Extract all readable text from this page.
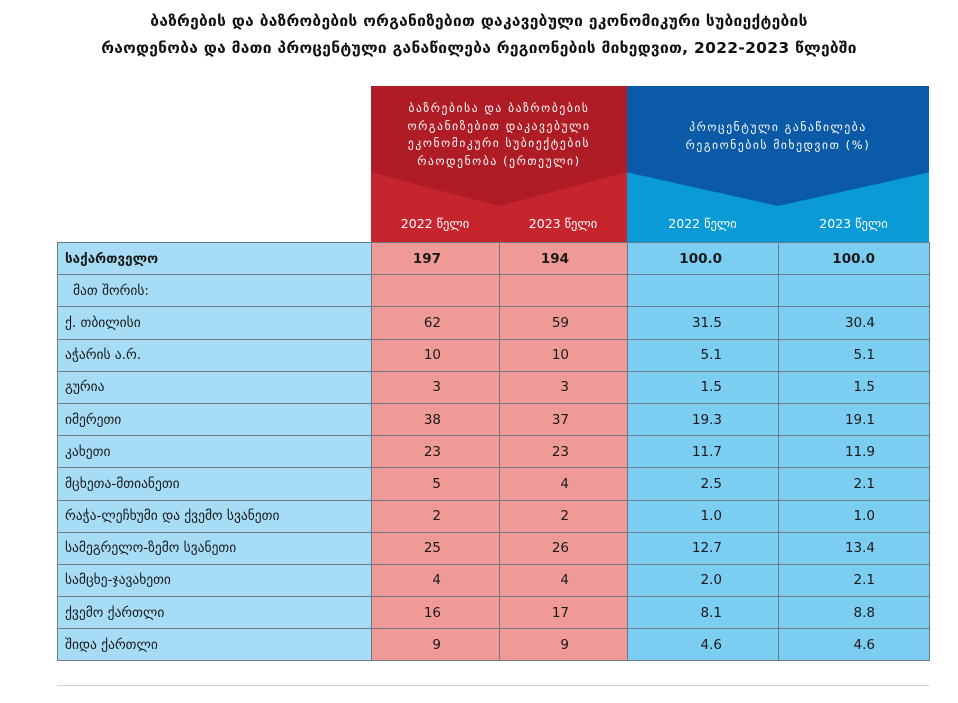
ბაზრების და ბაზრობების ორგანიზებით დაკავებული ეკონომიკური სუბიექტების
რაოდენობა და მათი პროცენტული განაწილება რეგიონების მიხედვით, 2022-2023 წლებში
ბაზრებისა და ბაზრობების
ორგანიზებით დაკავებული
ეკონომიკური სუბიექტების
რაოდენობა (ერთეული)
2022 წელი	2023 წელი
პროცენტული განაწილება
რეგიონების მიხედვით (%)
2022 წელი	2023 წელი
საქართველო	197	194	100.0	100.0
მათ შორის:				
ქ. თბილისი	62	59	31.5	30.4
აჭარის ა.რ.	10	10	5.1	5.1
გურია	3	3	1.5	1.5
იმერეთი	38	37	19.3	19.1
კახეთი	23	23	11.7	11.9
მცხეთა-მთიანეთი	5	4	2.5	2.1
რაჭა-ლეჩხუმი და ქვემო სვანეთი	2	2	1.0	1.0
სამეგრელო-ზემო სვანეთი	25	26	12.7	13.4
სამცხე-ჯავახეთი	4	4	2.0	2.1
ქვემო ქართლი	16	17	8.1	8.8
შიდა ქართლი	9	9	4.6	4.6
